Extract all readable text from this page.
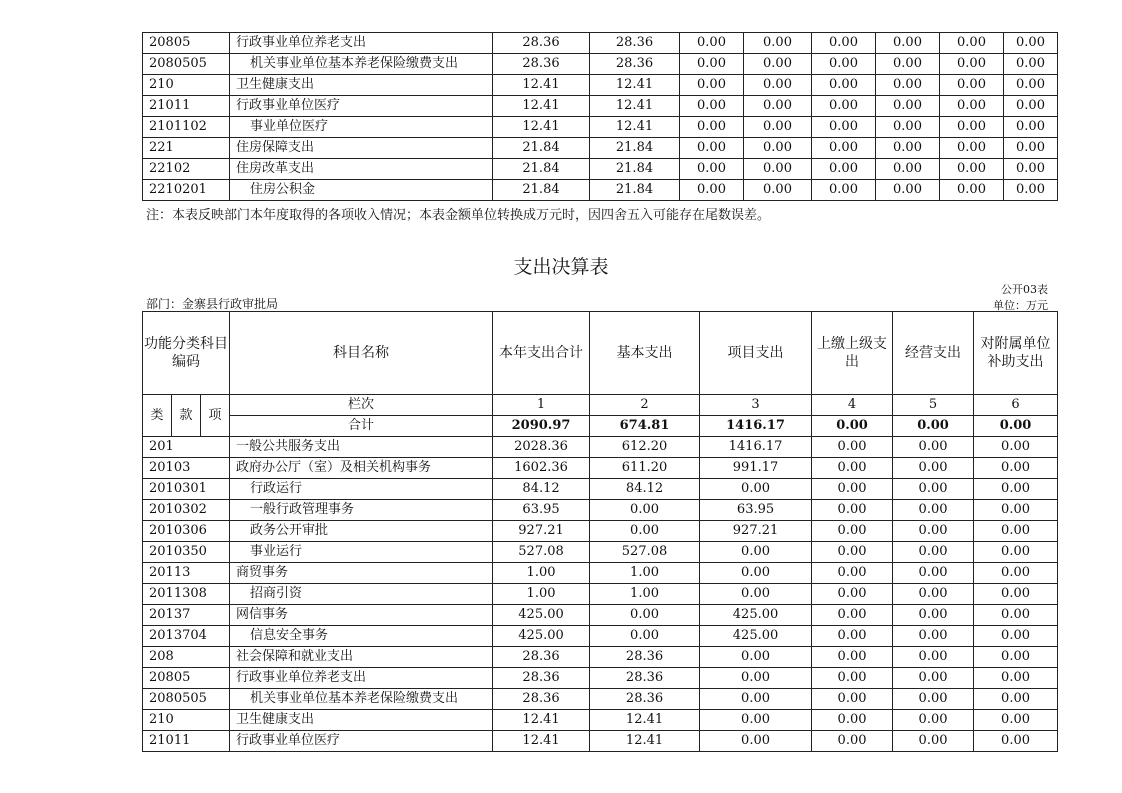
20805	行政事业单位养老支出	28.36	28.36	0.00	0.00	0.00	0.00	0.00	0.00
2080505	机关事业单位基本养老保险缴费支出	28.36	28.36	0.00	0.00	0.00	0.00	0.00	0.00
210	卫生健康支出	12.41	12.41	0.00	0.00	0.00	0.00	0.00	0.00
21011	行政事业单位医疗	12.41	12.41	0.00	0.00	0.00	0.00	0.00	0.00
2101102	事业单位医疗	12.41	12.41	0.00	0.00	0.00	0.00	0.00	0.00
221	住房保障支出	21.84	21.84	0.00	0.00	0.00	0.00	0.00	0.00
22102	住房改革支出	21.84	21.84	0.00	0.00	0.00	0.00	0.00	0.00
2210201	住房公积金	21.84	21.84	0.00	0.00	0.00	0.00	0.00	0.00
注：本表反映部门本年度取得的各项收入情况；本表金额单位转换成万元时，因四舍五入可能存在尾数误差。
支出决算表
公开03表
部门：金寨县行政审批局	单位：万元
功能分类科目编码			科目名称	本年支出合计	基本支出	项目支出	上缴上级支出	经营支出	对附属单位补助支出
类	款	项	栏次	1	2	3	4	5	6
			合计	2090.97	674.81	1416.17	0.00	0.00	0.00
201			一般公共服务支出	2028.36	612.20	1416.17	0.00	0.00	0.00
20103			政府办公厅（室）及相关机构事务	1602.36	611.20	991.17	0.00	0.00	0.00
2010301			行政运行	84.12	84.12	0.00	0.00	0.00	0.00
2010302			一般行政管理事务	63.95	0.00	63.95	0.00	0.00	0.00
2010306			政务公开审批	927.21	0.00	927.21	0.00	0.00	0.00
2010350			事业运行	527.08	527.08	0.00	0.00	0.00	0.00
20113			商贸事务	1.00	1.00	0.00	0.00	0.00	0.00
2011308			招商引资	1.00	1.00	0.00	0.00	0.00	0.00
20137			网信事务	425.00	0.00	425.00	0.00	0.00	0.00
2013704			信息安全事务	425.00	0.00	425.00	0.00	0.00	0.00
208			社会保障和就业支出	28.36	28.36	0.00	0.00	0.00	0.00
20805			行政事业单位养老支出	28.36	28.36	0.00	0.00	0.00	0.00
2080505			机关事业单位基本养老保险缴费支出	28.36	28.36	0.00	0.00	0.00	0.00
210			卫生健康支出	12.41	12.41	0.00	0.00	0.00	0.00
21011			行政事业单位医疗	12.41	12.41	0.00	0.00	0.00	0.00
